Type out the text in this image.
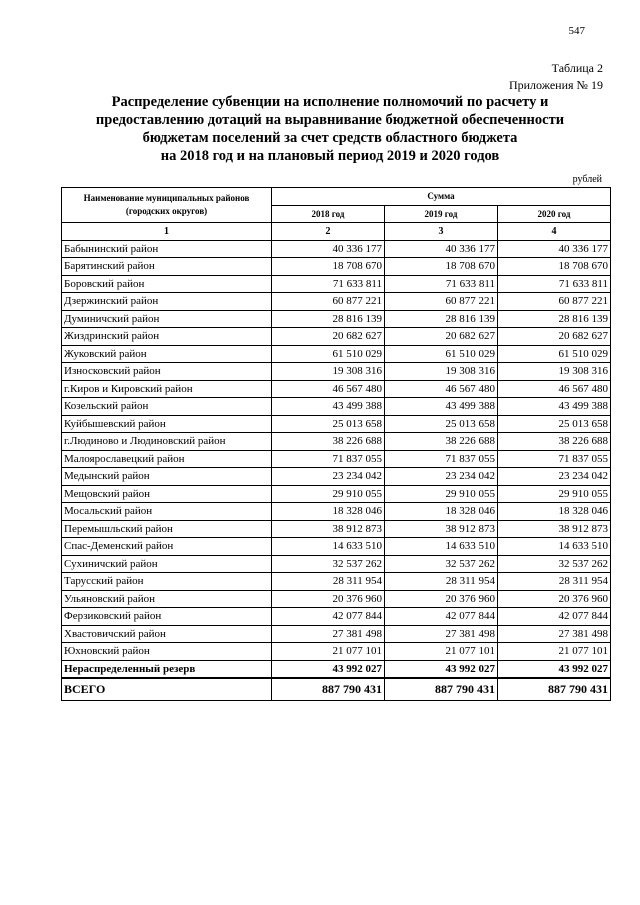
547
Таблица 2
Приложения № 19
Распределение субвенции на исполнение полномочий по расчету и
предоставлению дотаций на выравнивание бюджетной обеспеченности
бюджетам поселений за счет средств областного бюджета
на 2018 год и на плановый период 2019 и 2020 годов
рублей
Наименование муниципальных районов (городских округов)	Сумма		
	2018 год	2019 год	2020 год
1	2	3	4
Бабынинский район	40 336 177	40 336 177	40 336 177
Барятинский район	18 708 670	18 708 670	18 708 670
Боровский район	71 633 811	71 633 811	71 633 811
Дзержинский район	60 877 221	60 877 221	60 877 221
Думиничский район	28 816 139	28 816 139	28 816 139
Жиздринский район	20 682 627	20 682 627	20 682 627
Жуковский район	61 510 029	61 510 029	61 510 029
Износковский район	19 308 316	19 308 316	19 308 316
г.Киров и Кировский район	46 567 480	46 567 480	46 567 480
Козельский район	43 499 388	43 499 388	43 499 388
Куйбышевский район	25 013 658	25 013 658	25 013 658
г.Людиново и Людиновский район	38 226 688	38 226 688	38 226 688
Малоярославецкий район	71 837 055	71 837 055	71 837 055
Медынский район	23 234 042	23 234 042	23 234 042
Мещовский район	29 910 055	29 910 055	29 910 055
Мосальский район	18 328 046	18 328 046	18 328 046
Перемышльский район	38 912 873	38 912 873	38 912 873
Спас-Деменский район	14 633 510	14 633 510	14 633 510
Сухиничский район	32 537 262	32 537 262	32 537 262
Тарусский район	28 311 954	28 311 954	28 311 954
Ульяновский район	20 376 960	20 376 960	20 376 960
Ферзиковский район	42 077 844	42 077 844	42 077 844
Хвастовичский район	27 381 498	27 381 498	27 381 498
Юхновский район	21 077 101	21 077 101	21 077 101
Нераспределенный резерв	43 992 027	43 992 027	43 992 027
ВСЕГО	887 790 431	887 790 431	887 790 431
